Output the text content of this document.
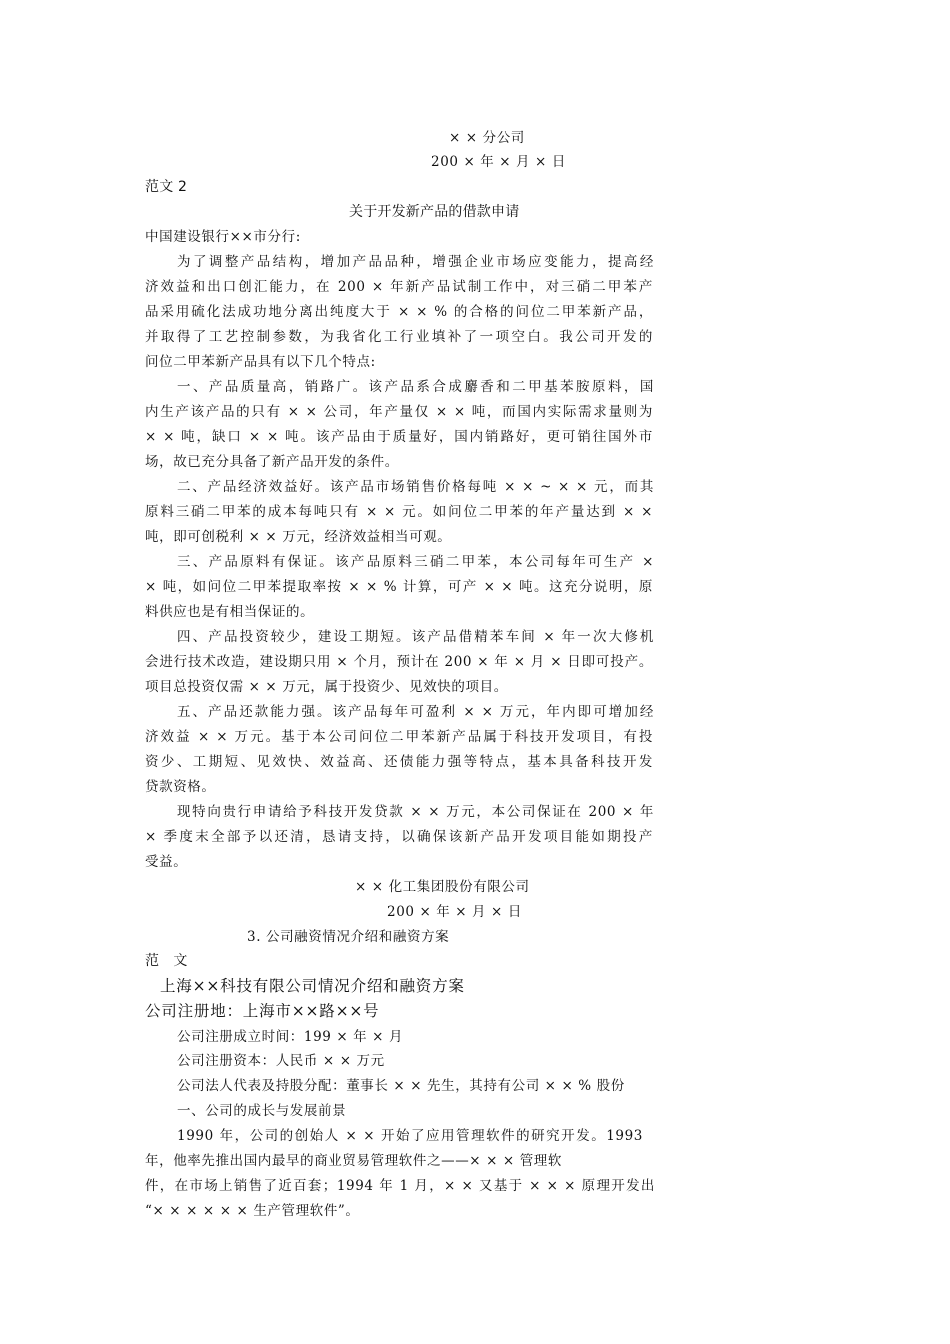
× × 分公司
200 × 年 × 月 × 日
范文 2
关于开发新产品的借款申请
中国建设银行××市分行:
为了调整产品结构，增加产品品种，增强企业市场应变能力，提高经
济效益和出口创汇能力，在 200 × 年新产品试制工作中，对三硝二甲苯产
品采用硫化法成功地分离出纯度大于 × × % 的合格的问位二甲苯新产品，
并取得了工艺控制参数，为我省化工行业填补了一项空白。我公司开发的
问位二甲苯新产品具有以下几个特点:
一、产品质量高，销路广。该产品系合成麝香和二甲基苯胺原料，国
内生产该产品的只有 × × 公司，年产量仅 × × 吨，而国内实际需求量则为
× × 吨，缺口 × × 吨。该产品由于质量好，国内销路好，更可销往国外市
场，故已充分具备了新产品开发的条件。
二、产品经济效益好。该产品市场销售价格每吨 × × ~ × × 元，而其
原料三硝二甲苯的成本每吨只有 × × 元。如问位二甲苯的年产量达到 × ×
吨，即可创税利 × × 万元，经济效益相当可观。
三、产品原料有保证。该产品原料三硝二甲苯，本公司每年可生产 ×
× 吨，如问位二甲苯提取率按 × × % 计算，可产 × × 吨。这充分说明，原
料供应也是有相当保证的。
四、产品投资较少，建设工期短。该产品借精苯车间 × 年一次大修机
会进行技术改造，建设期只用 × 个月，预计在 200 × 年 × 月 × 日即可投产。
项目总投资仅需 × × 万元，属于投资少、见效快的项目。
五、产品还款能力强。该产品每年可盈利 × × 万元，年内即可增加经
济效益 × × 万元。基于本公司问位二甲苯新产品属于科技开发项目，有投
资少、工期短、见效快、效益高、还债能力强等特点，基本具备科技开发
贷款资格。
现特向贵行申请给予科技开发贷款 × × 万元，本公司保证在 200 × 年
× 季度末全部予以还清，恳请支持，以确保该新产品开发项目能如期投产
受益。
× × 化工集团股份有限公司
200 × 年 × 月 × 日
3. 公司融资情况介绍和融资方案
范　文
上海××科技有限公司情况介绍和融资方案
公司注册地：上海市××路××号
公司注册成立时间：199 × 年 × 月
公司注册资本：人民币 × × 万元
公司法人代表及持股分配：董事长 × × 先生，其持有公司 × × % 股份
一、公司的成长与发展前景
1990 年，公司的创始人 × × 开始了应用管理软件的研究开发。1993
年，他率先推出国内最早的商业贸易管理软件之——× × × 管理软
件，在市场上销售了近百套；1994 年 1 月，× × 又基于 × × × 原理开发出
“× × × × × × 生产管理软件”。
